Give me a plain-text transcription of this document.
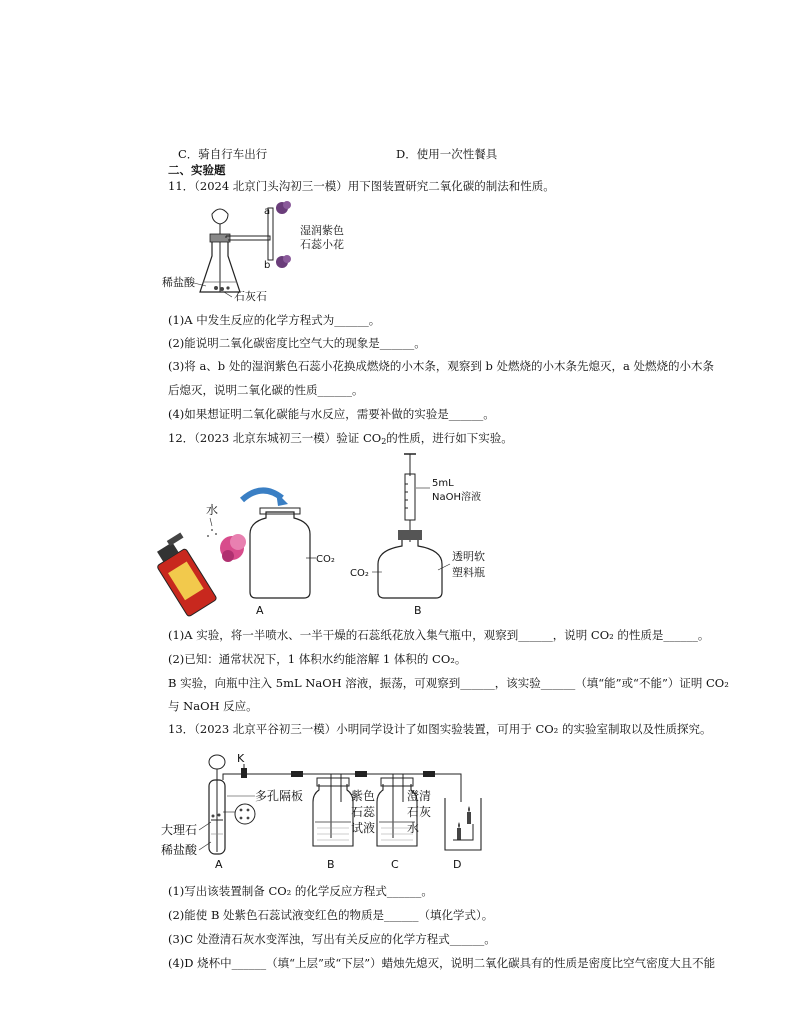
C．骑自行车出行	D．使用一次性餐具
二、实验题
11．（2024 北京门头沟初三一模）用下图装置研究二氧化碳的制法和性质。
a
b
湿润紫色
石蕊小花
稀盐酸
石灰石
(1)A 中发生反应的化学方程式为______。
(2)能说明二氧化碳密度比空气大的现象是______。
(3)将 a、b 处的湿润紫色石蕊小花换成燃烧的小木条，观察到 b 处燃烧的小木条先熄灭，a 处燃烧的小木条
后熄灭，说明二氧化碳的性质______。
(4)如果想证明二氧化碳能与水反应，需要补做的实验是______。
12．（2023 北京东城初三一模）验证 $CO_2$的性质，进行如下实验。
水
CO₂
A
5mL
NaOH溶液
CO₂
透明软
塑料瓶
B
(1)A 实验，将一半喷水、一半干燥的石蕊纸花放入集气瓶中，观察到______，说明 CO₂ 的性质是______。
(2)已知：通常状况下，1 体积水约能溶解 1 体积的 CO₂。
B 实验，向瓶中注入 5mL NaOH 溶液，振荡，可观察到______，该实验______（填“能”或“不能”）证明 CO₂
与 NaOH 反应。
13．（2023 北京平谷初三一模）小明同学设计了如图实验装置，可用于 CO₂ 的实验室制取以及性质探究。
K
多孔隔板
大理石
稀盐酸
A
紫色
石蕊
试液
B
澄清
石灰
水
C	D
(1)写出该装置制备 CO₂ 的化学反应方程式______。
(2)能使 B 处紫色石蕊试液变红色的物质是______（填化学式）。
(3)C 处澄清石灰水变浑浊，写出有关反应的化学方程式______。
(4)D 烧杯中______（填“上层”或“下层”）蜡烛先熄灭，说明二氧化碳具有的性质是密度比空气密度大且不能
